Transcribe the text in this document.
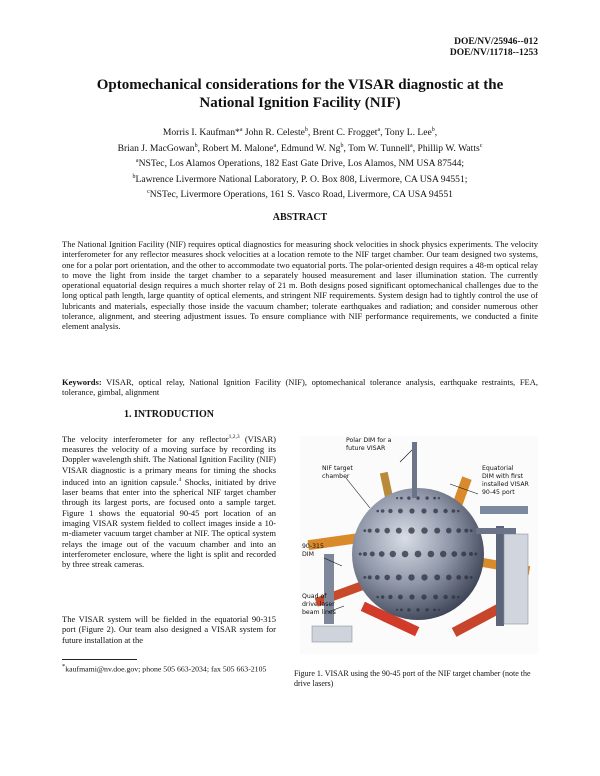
DOE/NV/25946--012
DOE/NV/11718--1253
Optomechanical considerations for the VISAR diagnostic at the
National Ignition Facility (NIF)
Morris I. Kaufman*$^a$ John R. Celeste$^b$, Brent C. Frogget$^a$, Tony L. Lee$^b$,
Brian J. MacGowan$^b$, Robert M. Malone$^a$, Edmund W. Ng$^b$, Tom W. Tunnell$^a$, Phillip W. Watts$^c$
$^a$NSTec, Los Alamos Operations, 182 East Gate Drive, Los Alamos, NM USA 87544;
$^b$Lawrence Livermore National Laboratory, P. O. Box 808, Livermore, CA USA 94551;
$^c$NSTec, Livermore Operations, 161 S. Vasco Road, Livermore, CA USA 94551
ABSTRACT
The National Ignition Facility (NIF) requires optical diagnostics for measuring shock velocities in shock physics experiments. The velocity interferometer for any reflector measures shock velocities at a location remote to the NIF target chamber. Our team designed two systems, one for a polar port orientation, and the other to accommodate two equatorial ports. The polar-oriented design requires a 48-m optical relay to move the light from inside the target chamber to a separately housed measurement and laser illumination station. The currently operational equatorial design requires a much shorter relay of 21 m. Both designs posed significant optomechanical challenges due to the long optical path length, large quantity of optical elements, and stringent NIF requirements. System design had to tightly control the use of lubricants and materials, especially those inside the vacuum chamber; tolerate earthquakes and radiation; and consider numerous other tolerance, alignment, and steering adjustment issues. To ensure compliance with NIF performance requirements, we conducted a finite element analysis.
Keywords: VISAR, optical relay, National Ignition Facility (NIF), optomechanical tolerance analysis, earthquake restraints, FEA, tolerance, gimbal, alignment
1. INTRODUCTION
The velocity interferometer for any reflector$^{1,2,3}$ (VISAR) measures the velocity of a moving surface by recording its Doppler wavelength shift. The National Ignition Facility (NIF) VISAR diagnostic is a primary means for timing the shocks induced into an ignition capsule.$^4$ Shocks, initiated by drive laser beams that enter into the spherical NIF target chamber through its largest ports, are focused onto a sample target. Figure 1 shows the equatorial 90-45 port location of an imaging VISAR system fielded to collect images inside a 10-m-diameter vacuum target chamber at NIF. The optical system relays the image out of the vacuum chamber and into an interferometer enclosure, where the light is split and recorded by three streak cameras.
The VISAR system will be fielded in the equatorial 90-315 port (Figure 2). Our team also designed a VISAR system for future installation at the
*kaufmami@nv.doe.gov; phone 505 663-2034; fax 505 663-2105
Polar DIM for a
future VISAR
NIF target
chamber
Equatorial
DIM with first
installed VISAR
90-45 port
90-315
DIM
Quad of
drive laser
beam lines
Figure 1. VISAR using the 90-45 port of the NIF target chamber (note the drive lasers)
